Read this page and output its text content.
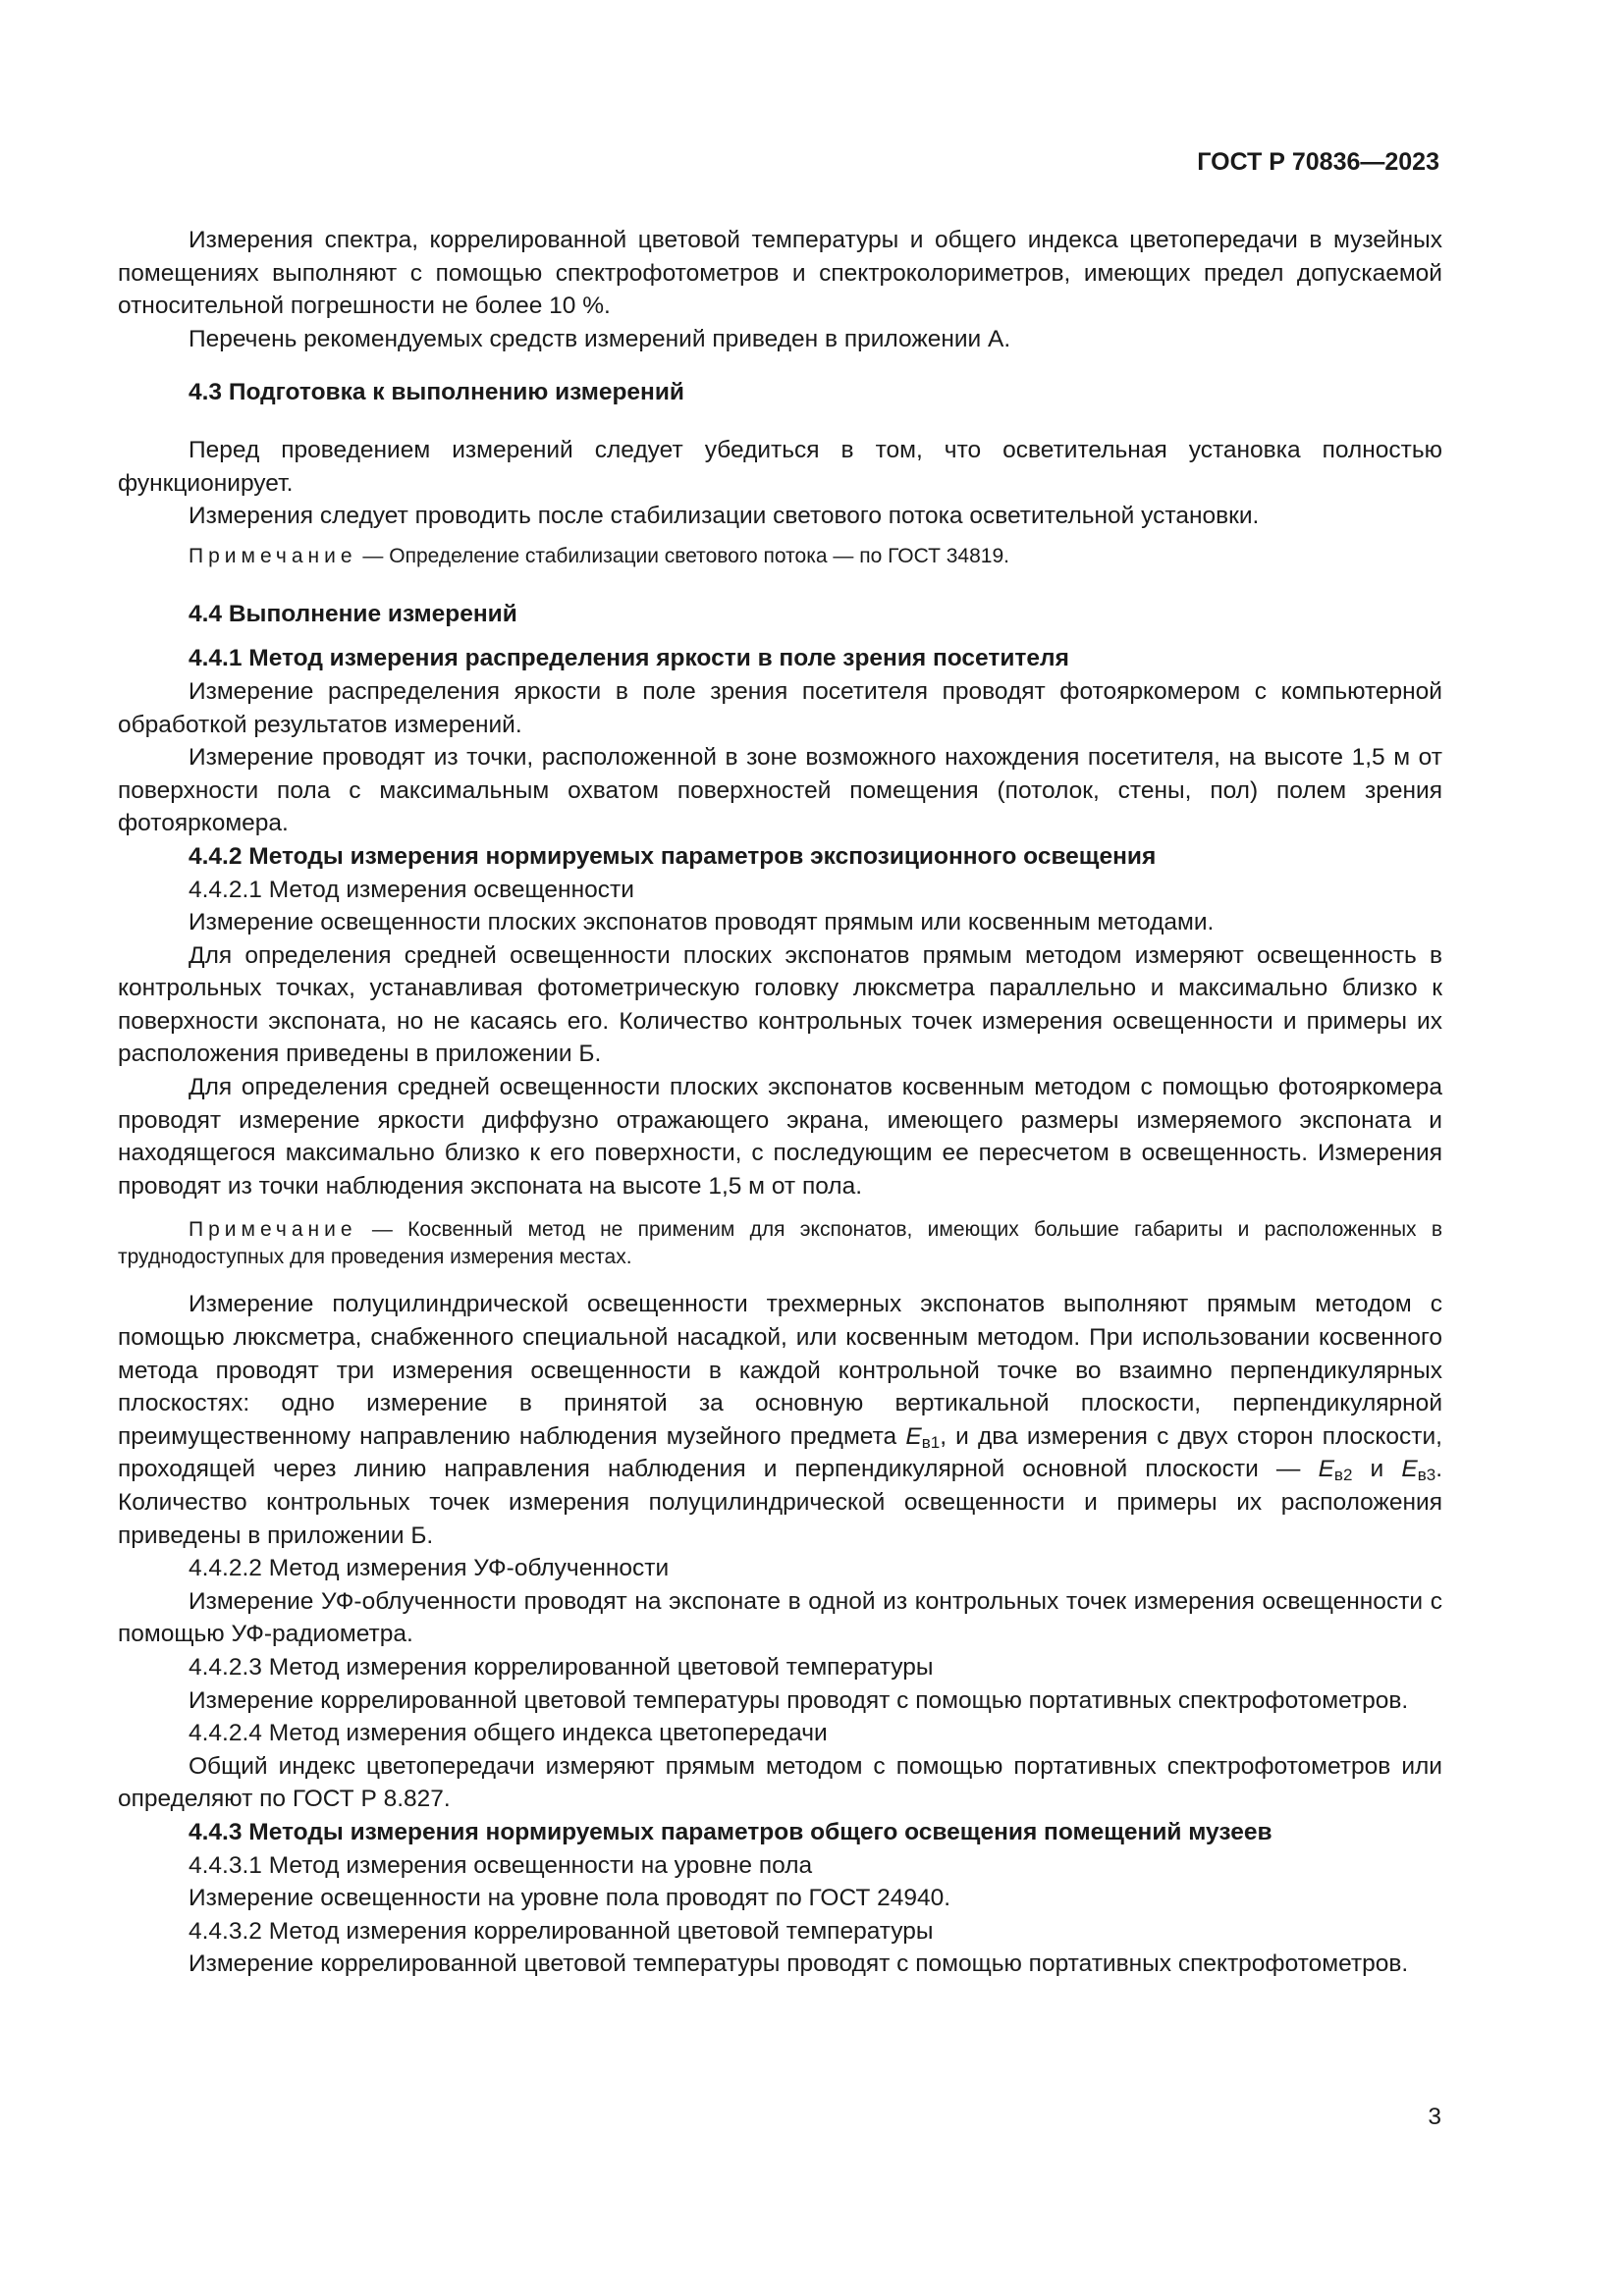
ГОСТ Р 70836—2023

Измерения спектра, коррелированной цветовой температуры и общего индекса цветопередачи в музейных помещениях выполняют с помощью спектрофотометров и спектроколориметров, имеющих предел допускаемой относительной погрешности не более 10 %.

Перечень рекомендуемых средств измерений приведен в приложении А.

4.3 Подготовка к выполнению измерений

Перед проведением измерений следует убедиться в том, что осветительная установка полностью функционирует.

Измерения следует проводить после стабилизации светового потока осветительной установки.

Примечание — Определение стабилизации светового потока — по ГОСТ 34819.

4.4 Выполнение измерений
4.4.1 Метод измерения распределения яркости в поле зрения посетителя

Измерение распределения яркости в поле зрения посетителя проводят фотояркомером с компьютерной обработкой результатов измерений.

Измерение проводят из точки, расположенной в зоне возможного нахождения посетителя, на высоте 1,5 м от поверхности пола с максимальным охватом поверхностей помещения (потолок, стены, пол) полем зрения фотояркомера.

4.4.2 Методы измерения нормируемых параметров экспозиционного освещения
4.4.2.1 Метод измерения освещенности

Измерение освещенности плоских экспонатов проводят прямым или косвенным методами.

Для определения средней освещенности плоских экспонатов прямым методом измеряют освещенность в контрольных точках, устанавливая фотометрическую головку люксметра параллельно и максимально близко к поверхности экспоната, но не касаясь его. Количество контрольных точек измерения освещенности и примеры их расположения приведены в приложении Б.

Для определения средней освещенности плоских экспонатов косвенным методом с помощью фотояркомера проводят измерение яркости диффузно отражающего экрана, имеющего размеры измеряемого экспоната и находящегося максимально близко к его поверхности, с последующим ее пересчетом в освещенность. Измерения проводят из точки наблюдения экспоната на высоте 1,5 м от пола.

Примечание — Косвенный метод не применим для экспонатов, имеющих большие габариты и расположенных в труднодоступных для проведения измерения местах.

Измерение полуцилиндрической освещенности трехмерных экспонатов выполняют прямым методом с помощью люксметра, снабженного специальной насадкой, или косвенным методом. При использовании косвенного метода проводят три измерения освещенности в каждой контрольной точке во взаимно перпендикулярных плоскостях: одно измерение в принятой за основную вертикальной плоскости, перпендикулярной преимущественному направлению наблюдения музейного предмета $E_{в1}$, и два измерения с двух сторон плоскости, проходящей через линию направления наблюдения и перпендикулярной основной плоскости — $E_{в2}$ и $E_{в3}$. Количество контрольных точек измерения полуцилиндрической освещенности и примеры их расположения приведены в приложении Б.

4.4.2.2 Метод измерения УФ-облученности

Измерение УФ-облученности проводят на экспонате в одной из контрольных точек измерения освещенности с помощью УФ-радиометра.

4.4.2.3 Метод измерения коррелированной цветовой температуры

Измерение коррелированной цветовой температуры проводят с помощью портативных спектрофотометров.

4.4.2.4 Метод измерения общего индекса цветопередачи

Общий индекс цветопередачи измеряют прямым методом с помощью портативных спектрофотометров или определяют по ГОСТ Р 8.827.

4.4.3 Методы измерения нормируемых параметров общего освещения помещений музеев
4.4.3.1 Метод измерения освещенности на уровне пола

Измерение освещенности на уровне пола проводят по ГОСТ 24940.

4.4.3.2 Метод измерения коррелированной цветовой температуры

Измерение коррелированной цветовой температуры проводят с помощью портативных спектрофотометров.

3
